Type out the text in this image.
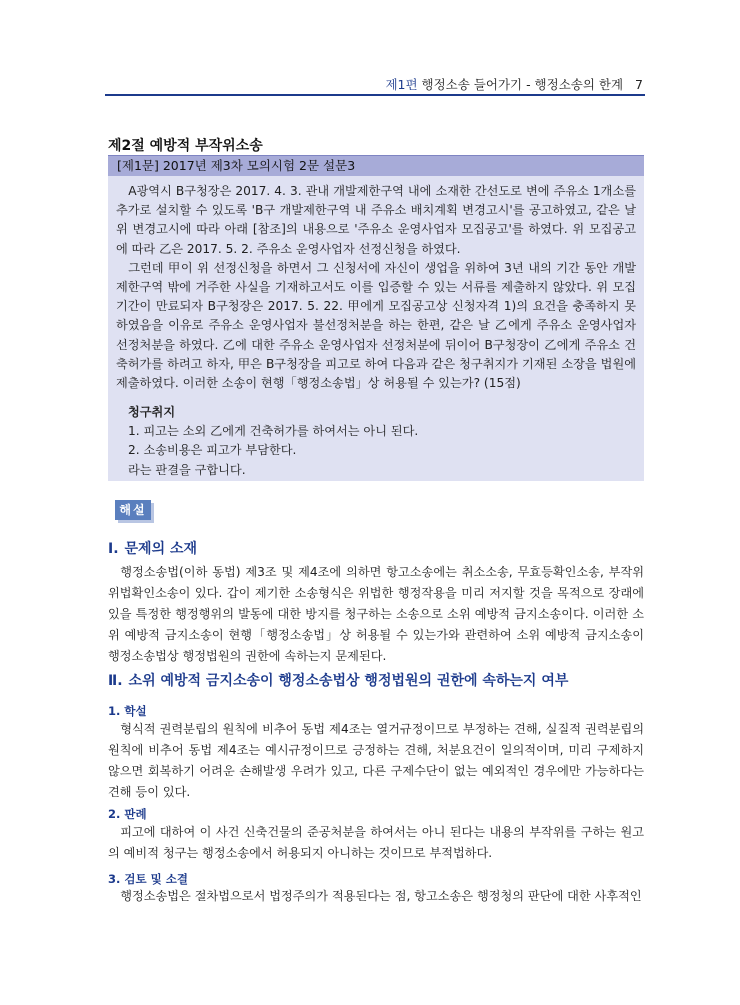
제1편 행정소송 들어가기 - 행정소송의 한계 7
제2절 예방적 부작위소송
[제1문] 2017년 제3차 모의시험 2문 설문3

A광역시 B구청장은 2017. 4. 3. 관내 개발제한구역 내에 소재한 간선도로 변에 주유소 1개소를 추가로 설치할 수 있도록 'B구 개발제한구역 내 주유소 배치계획 변경고시'를 공고하였고, 같은 날 위 변경고시에 따라 아래 [참조]의 내용으로 '주유소 운영사업자 모집공고'를 하였다. 위 모집공고에 따라 乙은 2017. 5. 2. 주유소 운영사업자 선정신청을 하였다.

그런데 甲이 위 선정신청을 하면서 그 신청서에 자신이 생업을 위하여 3년 내의 기간 동안 개발제한구역 밖에 거주한 사실을 기재하고서도 이를 입증할 수 있는 서류를 제출하지 않았다. 위 모집기간이 만료되자 B구청장은 2017. 5. 22. 甲에게 모집공고상 신청자격 1)의 요건을 충족하지 못하였음을 이유로 주유소 운영사업자 불선정처분을 하는 한편, 같은 날 乙에게 주유소 운영사업자 선정처분을 하였다. 乙에 대한 주유소 운영사업자 선정처분에 뒤이어 B구청장이 乙에게 주유소 건축허가를 하려고 하자, 甲은 B구청장을 피고로 하여 다음과 같은 청구취지가 기재된 소장을 법원에 제출하였다. 이러한 소송이 현행「행정소송법」상 허용될 수 있는가? (15점)

청구취지
1. 피고는 소외 乙에게 건축허가를 하여서는 아니 된다.
2. 소송비용은 피고가 부담한다.
라는 판결을 구합니다.
해설
Ⅰ. 문제의 소재

행정소송법(이하 동법) 제3조 및 제4조에 의하면 항고소송에는 취소소송, 무효등확인소송, 부작위위법확인소송이 있다. 갑이 제기한 소송형식은 위법한 행정작용을 미리 저지할 것을 목적으로 장래에 있을 특정한 행정행위의 발동에 대한 방지를 청구하는 소송으로 소위 예방적 금지소송이다. 이러한 소위 예방적 금지소송이 현행「행정소송법」상 허용될 수 있는가와 관련하여 소위 예방적 금지소송이 행정소송법상 행정법원의 권한에 속하는지 문제된다.

Ⅱ. 소위 예방적 금지소송이 행정소송법상 행정법원의 권한에 속하는지 여부
1. 학설

형식적 권력분립의 원칙에 비추어 동법 제4조는 열거규정이므로 부정하는 견해, 실질적 권력분립의 원칙에 비추어 동법 제4조는 예시규정이므로 긍정하는 견해, 처분요건이 일의적이며, 미리 구제하지 않으면 회복하기 어려운 손해발생 우려가 있고, 다른 구제수단이 없는 예외적인 경우에만 가능하다는 견해 등이 있다.

2. 판례

피고에 대하여 이 사건 신축건물의 준공처분을 하여서는 아니 된다는 내용의 부작위를 구하는 원고의 예비적 청구는 행정소송에서 허용되지 아니하는 것이므로 부적법하다.

3. 검토 및 소결

행정소송법은 절차법으로서 법정주의가 적용된다는 점, 항고소송은 행정청의 판단에 대한 사후적인
